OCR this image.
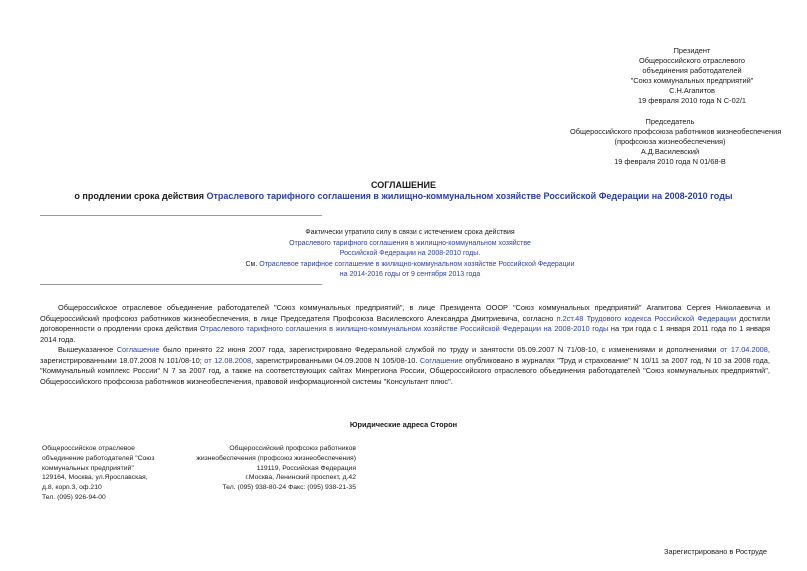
Президент
Общероссийского отраслевого
объединения работодателей
"Союз коммунальных предприятий"
С.Н.Агапитов
19 февраля 2010 года N С-02/1
Председатель
Общероссийского профсоюза работников жизнеобеспечения
(профсоюза жизнеобеспечения)
А.Д.Василевский
19 февраля 2010 года N 01/68-В
СОГЛАШЕНИЕ
о продлении срока действия Отраслевого тарифного соглашения в жилищно-коммунальном хозяйстве Российской Федерации на 2008-2010 годы
Фактически утратило силу в связи с истечением срока действия
Отраслевого тарифного соглашения в жилищно-коммунальном хозяйстве
Российской Федерации на 2008-2010 годы.
См. Отраслевое тарифное соглашение в жилищно-коммунальном хозяйстве Российской Федерации
на 2014-2016 годы от 9 сентября 2013 года
Общероссийское отраслевое объединение работодателей "Союз коммунальных предприятий", в лице Президента ОООР "Союз коммунальных предприятий" Агапитова Сергея Николаевича и Общероссийский профсоюз работников жизнеобеспечения, в лице Председателя Профсоюза Василевского Александра Дмитриевича, согласно п.2ст.48 Трудового кодекса Российской Федерации достигли договоренности о продлении срока действия Отраслевого тарифного соглашения в жилищно-коммунальном хозяйстве Российской Федерации на 2008-2010 годы на три года с 1 января 2011 года по 1 января 2014 года.
Вышеуказанное Соглашение было принято 22 июня 2007 года, зарегистрировано Федеральной службой по труду и занятости 05.09.2007 N 71/08-10, с изменениями и дополнениями от 17.04.2008, зарегистрированными 18.07.2008 N 101/08-10; от 12.08.2008, зарегистрированными 04.09.2008 N 105/08-10. Соглашение опубликовано в журналах "Труд и страхование" N 10/11 за 2007 год, N 10 за 2008 года, "Коммунальный комплекс России" N 7 за 2007 год, а также на соответствующих сайтах Минрегиона России, Общероссийского отраслевого объединения работодателей "Союз коммунальных предприятий", Общероссийского профсоюза работников жизнеобеспечения, правовой информационной системы "Консультант плюс".
Юридические адреса Сторон
Общероссийское отраслевое
объединение работодателей "Союз
коммунальных предприятий"
129164, Москва, ул.Ярославская,
д.8, корп.3, оф.210
Тел. (095) 926-94-00
Общероссийский профсоюз работников
жизнеобеспечения (профсоюз жизнеобеспечения)
119119, Российская Федерация
г.Москва, Ленинский проспект, д.42
Тел. (095) 938-80-24 Факс: (095) 938-21-35
Зарегистрировано в Роструде
